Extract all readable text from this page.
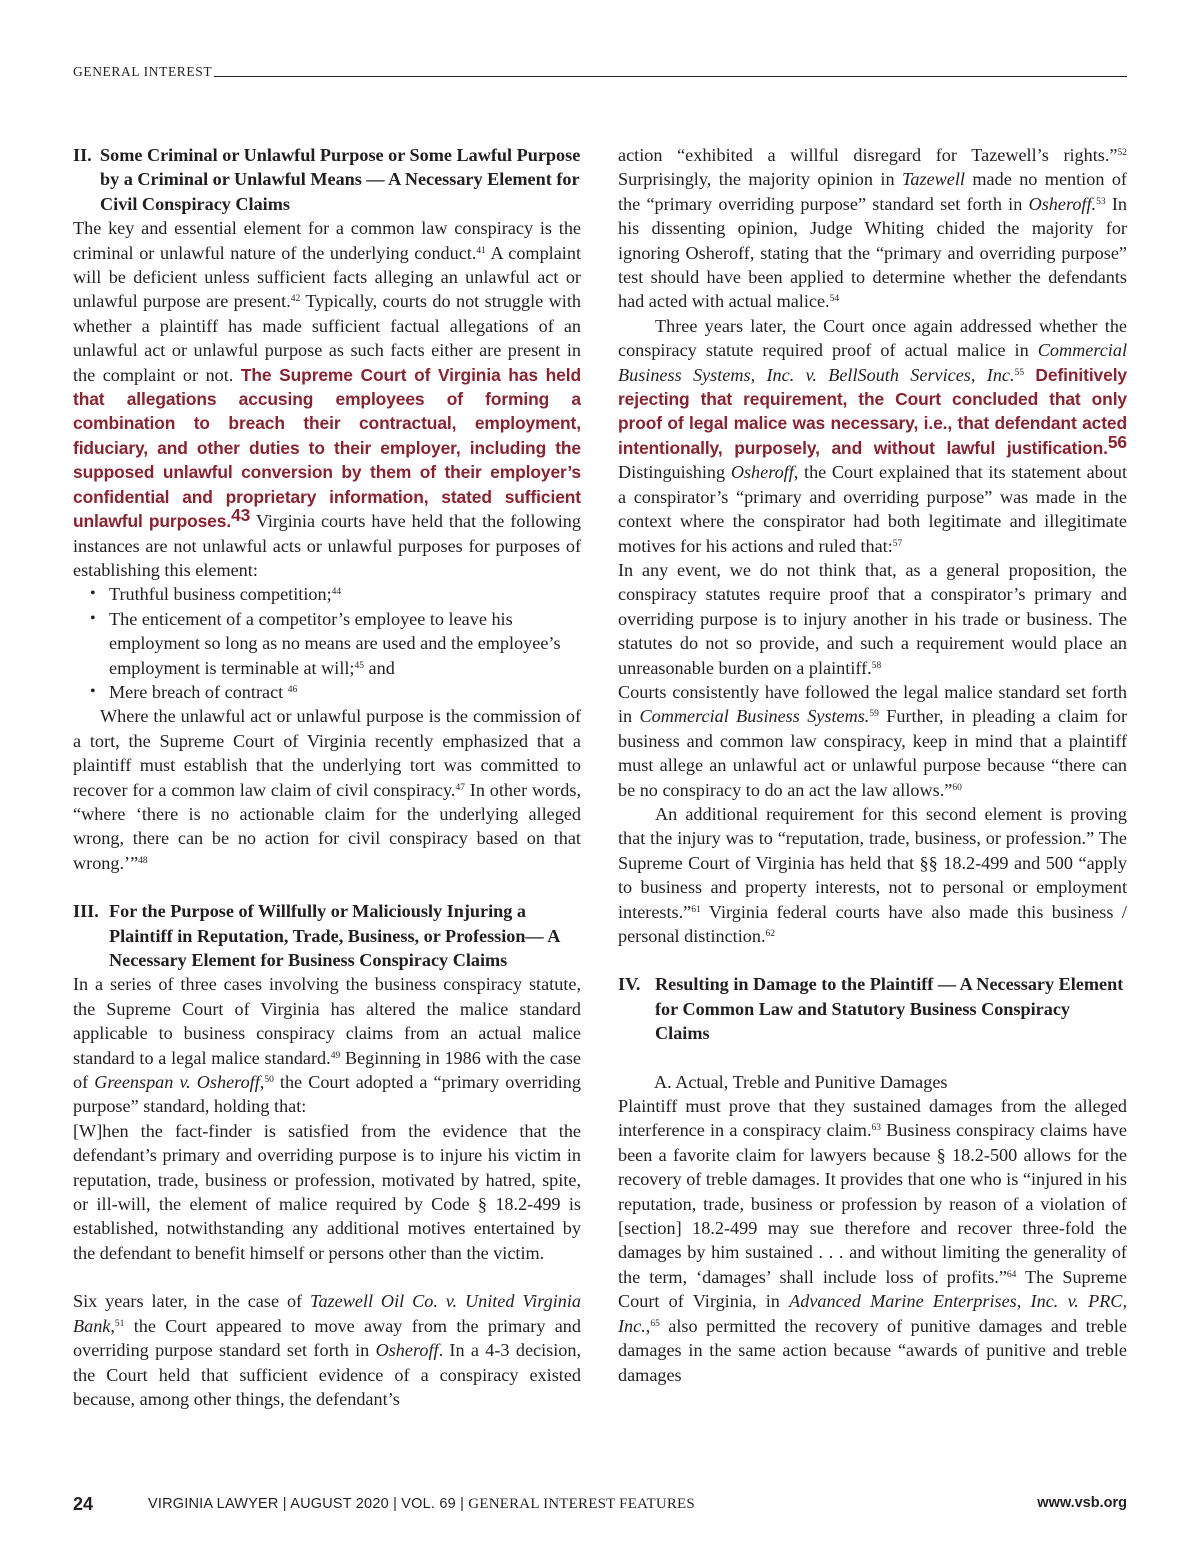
GENERAL INTEREST
II. Some Criminal or Unlawful Purpose or Some Lawful Purpose by a Criminal or Unlawful Means — A Necessary Element for Civil Conspiracy Claims

The key and essential element for a common law conspiracy is the criminal or unlawful nature of the underlying conduct.$^{41}$ A complaint will be deficient unless sufficient facts alleging an unlawful act or unlawful purpose are present.$^{42}$ Typically, courts do not struggle with whether a plaintiff has made sufficient factual allegations of an unlawful act or unlawful purpose as such facts either are present in the complaint or not. The Supreme Court of Virginia has held that allegations accusing employees of forming a combination to breach their contractual, employment, fiduciary, and other duties to their employer, including the supposed unlawful conversion by them of their employer’s confidential and proprietary information, stated sufficient unlawful purposes.$^{43}$ Virginia courts have held that the following instances are not unlawful acts or unlawful purposes for purposes of establishing this element:

• Truthful business competition;$^{44}$
• The enticement of a competitor’s employee to leave his employment so long as no means are used and the employee’s employment is terminable at will;$^{45}$ and
• Mere breach of contract $^{46}$

Where the unlawful act or unlawful purpose is the commission of a tort, the Supreme Court of Virginia recently emphasized that a plaintiff must establish that the underlying tort was committed to recover for a common law claim of civil conspiracy.$^{47}$ In other words, “where ‘there is no actionable claim for the underlying alleged wrong, there can be no action for civil conspiracy based on that wrong.’”$^{48}$

III. For the Purpose of Willfully or Maliciously Injuring a Plaintiff in Reputation, Trade, Business, or Profession— A Necessary Element for Business Conspiracy Claims

In a series of three cases involving the business conspiracy statute, the Supreme Court of Virginia has altered the malice standard applicable to business conspiracy claims from an actual malice standard to a legal malice standard.$^{49}$ Beginning in 1986 with the case of Greenspan v. Osheroff,$^{50}$ the Court adopted a “primary overriding purpose” standard, holding that:

[W]hen the fact-finder is satisfied from the evidence that the defendant’s primary and overriding purpose is to injure his victim in reputation, trade, business or profession, motivated by hatred, spite, or ill-will, the element of malice required by Code § 18.2-499 is established, notwithstanding any additional motives entertained by the defendant to benefit himself or persons other than the victim.

Six years later, in the case of Tazewell Oil Co. v. United Virginia Bank,$^{51}$ the Court appeared to move away from the primary and overriding purpose standard set forth in Osheroff. In a 4-3 decision, the Court held that sufficient evidence of a conspiracy existed because, among other things, the defendant’s

action “exhibited a willful disregard for Tazewell’s rights.”$^{52}$ Surprisingly, the majority opinion in Tazewell made no mention of the “primary overriding purpose” standard set forth in Osheroff.$^{53}$ In his dissenting opinion, Judge Whiting chided the majority for ignoring Osheroff, stating that the “primary and overriding purpose” test should have been applied to determine whether the defendants had acted with actual malice.$^{54}$

Three years later, the Court once again addressed whether the conspiracy statute required proof of actual malice in Commercial Business Systems, Inc. v. BellSouth Services, Inc.$^{55}$ Definitively rejecting that requirement, the Court concluded that only proof of legal malice was necessary, i.e., that defendant acted intentionally, purposely, and without lawful justification.$^{56}$ Distinguishing Osheroff, the Court explained that its statement about a conspirator’s “primary and overriding purpose” was made in the context where the conspirator had both legitimate and illegitimate motives for his actions and ruled that:$^{57}$

In any event, we do not think that, as a general proposition, the conspiracy statutes require proof that a conspirator’s primary and overriding purpose is to injury another in his trade or business. The statutes do not so provide, and such a requirement would place an unreasonable burden on a plaintiff.$^{58}$

Courts consistently have followed the legal malice standard set forth in Commercial Business Systems.$^{59}$ Further, in pleading a claim for business and common law conspiracy, keep in mind that a plaintiff must allege an unlawful act or unlawful purpose because “there can be no conspiracy to do an act the law allows.”$^{60}$

An additional requirement for this second element is proving that the injury was to “reputation, trade, business, or profession.” The Supreme Court of Virginia has held that §§ 18.2-499 and 500 “apply to business and property interests, not to personal or employment interests.”$^{61}$ Virginia federal courts have also made this business / personal distinction.$^{62}$

IV. Resulting in Damage to the Plaintiff — A Necessary Element for Common Law and Statutory Business Conspiracy Claims

A. Actual, Treble and Punitive Damages

Plaintiff must prove that they sustained damages from the alleged interference in a conspiracy claim.$^{63}$ Business conspiracy claims have been a favorite claim for lawyers because § 18.2-500 allows for the recovery of treble damages. It provides that one who is “injured in his reputation, trade, business or profession by reason of a violation of [section] 18.2-499 may sue therefore and recover three-fold the damages by him sustained . . . and without limiting the generality of the term, ‘damages’ shall include loss of profits.”$^{64}$ The Supreme Court of Virginia, in Advanced Marine Enterprises, Inc. v. PRC, Inc.,$^{65}$ also permitted the recovery of punitive damages and treble damages in the same action because “awards of punitive and treble damages

24	VIRGINIA LAWYER | AUGUST 2020 | VOL. 69 | GENERAL INTEREST FEATURES	www.vsb.org
